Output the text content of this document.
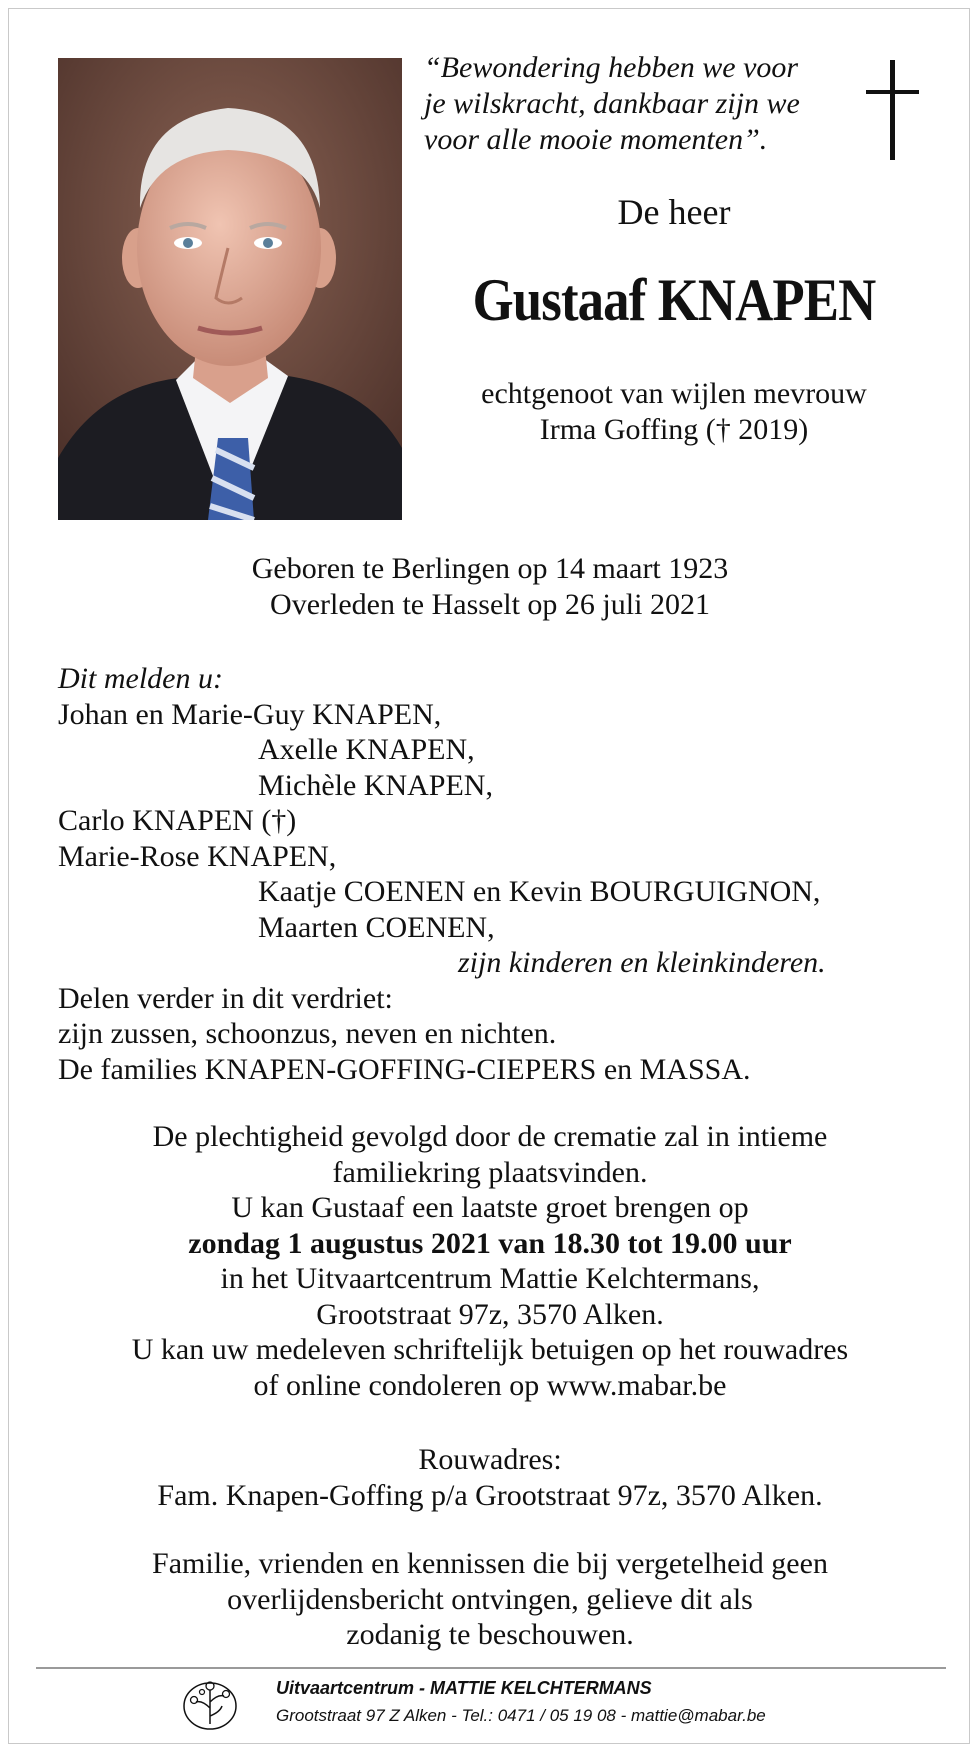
“Bewondering hebben we voor
je wilskracht, dankbaar zijn we
voor alle mooie momenten”.
De heer
Gustaaf KNAPEN
echtgenoot van wijlen mevrouw
Irma Goffing († 2019)
Geboren te Berlingen op 14 maart 1923
Overleden te Hasselt op 26 juli 2021
Dit melden u:
Johan en Marie-Guy KNAPEN,
Axelle KNAPEN,
Michèle KNAPEN,
Carlo KNAPEN (†)
Marie-Rose KNAPEN,
Kaatje COENEN en Kevin BOURGUIGNON,
Maarten COENEN,
zijn kinderen en kleinkinderen.
Delen verder in dit verdriet:
zijn zussen, schoonzus, neven en nichten.
De families KNAPEN-GOFFING-CIEPERS en MASSA.
De plechtigheid gevolgd door de crematie zal in intieme
familiekring plaatsvinden.
U kan Gustaaf een laatste groet brengen op
zondag 1 augustus 2021 van 18.30 tot 19.00 uur
in het Uitvaartcentrum Mattie Kelchtermans,
Grootstraat 97z, 3570 Alken.
U kan uw medeleven schriftelijk betuigen op het rouwadres
of online condoleren op www.mabar.be
Rouwadres:
Fam. Knapen-Goffing p/a Grootstraat 97z, 3570 Alken.
Familie, vrienden en kennissen die bij vergetelheid geen
overlijdensbericht ontvingen, gelieve dit als
zodanig te beschouwen.
Uitvaartcentrum - MATTIE KELCHTERMANS
Grootstraat 97 Z Alken - Tel.: 0471 / 05 19 08 - mattie@mabar.be
